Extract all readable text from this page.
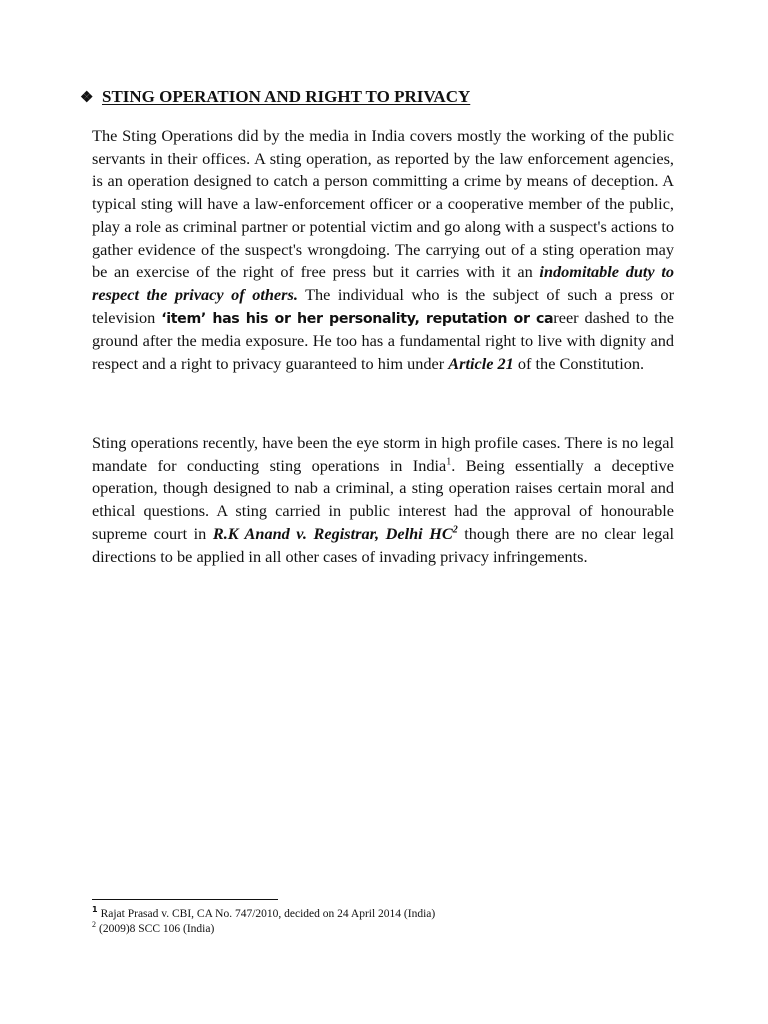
❖ STING OPERATION AND RIGHT TO PRIVACY

The Sting Operations did by the media in India covers mostly the working of the public servants in their offices. A sting operation, as reported by the law enforcement agencies, is an operation designed to catch a person committing a crime by means of deception. A typical sting will have a law-enforcement officer or a cooperative member of the public, play a role as criminal partner or potential victim and go along with a suspect's actions to gather evidence of the suspect's wrongdoing. The carrying out of a sting operation may be an exercise of the right of free press but it carries with it an indomitable duty to respect the privacy of others. The individual who is the subject of such a press or television ‘item’ has his or her personality, reputation or career dashed to the ground after the media exposure. He too has a fundamental right to live with dignity and respect and a right to privacy guaranteed to him under Article 21 of the Constitution.

Sting operations recently, have been the eye storm in high profile cases. There is no legal mandate for conducting sting operations in India$^1$. Being essentially a deceptive operation, though designed to nab a criminal, a sting operation raises certain moral and ethical questions. A sting carried in public interest had the approval of honourable supreme court in R.K Anand v. Registrar, Delhi $HC^2$ though there are no clear legal directions to be applied in all other cases of invading privacy infringements.

$^1$ Rajat Prasad v. CBI, CA No. 747/2010, decided on 24 April 2014 (India)
$^2$ (2009)8 SCC 106 (India)
